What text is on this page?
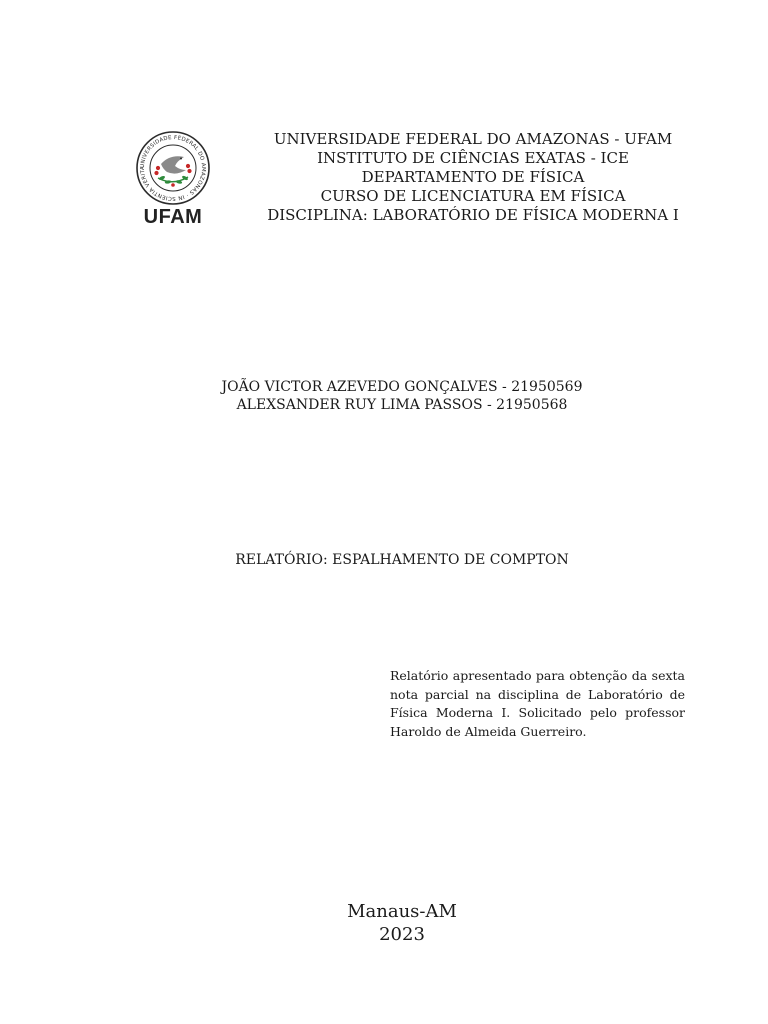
UNIVERSIDADE FEDERAL DO AMAZONAS · IN SCIENTIA VERITA
UFAM
UNIVERSIDADE FEDERAL DO AMAZONAS - UFAM
INSTITUTO DE CIÊNCIAS EXATAS - ICE
DEPARTAMENTO DE FÍSICA
CURSO DE LICENCIATURA EM FÍSICA
DISCIPLINA: LABORATÓRIO DE FÍSICA MODERNA I
JOÃO VICTOR AZEVEDO GONÇALVES - 21950569
ALEXSANDER RUY LIMA PASSOS - 21950568
RELATÓRIO: ESPALHAMENTO DE COMPTON
Relatório apresentado para obtenção da sexta nota parcial na disciplina de Laboratório de Física Moderna I. Solicitado pelo professor Haroldo de Almeida Guerreiro.
Manaus-AM
2023
